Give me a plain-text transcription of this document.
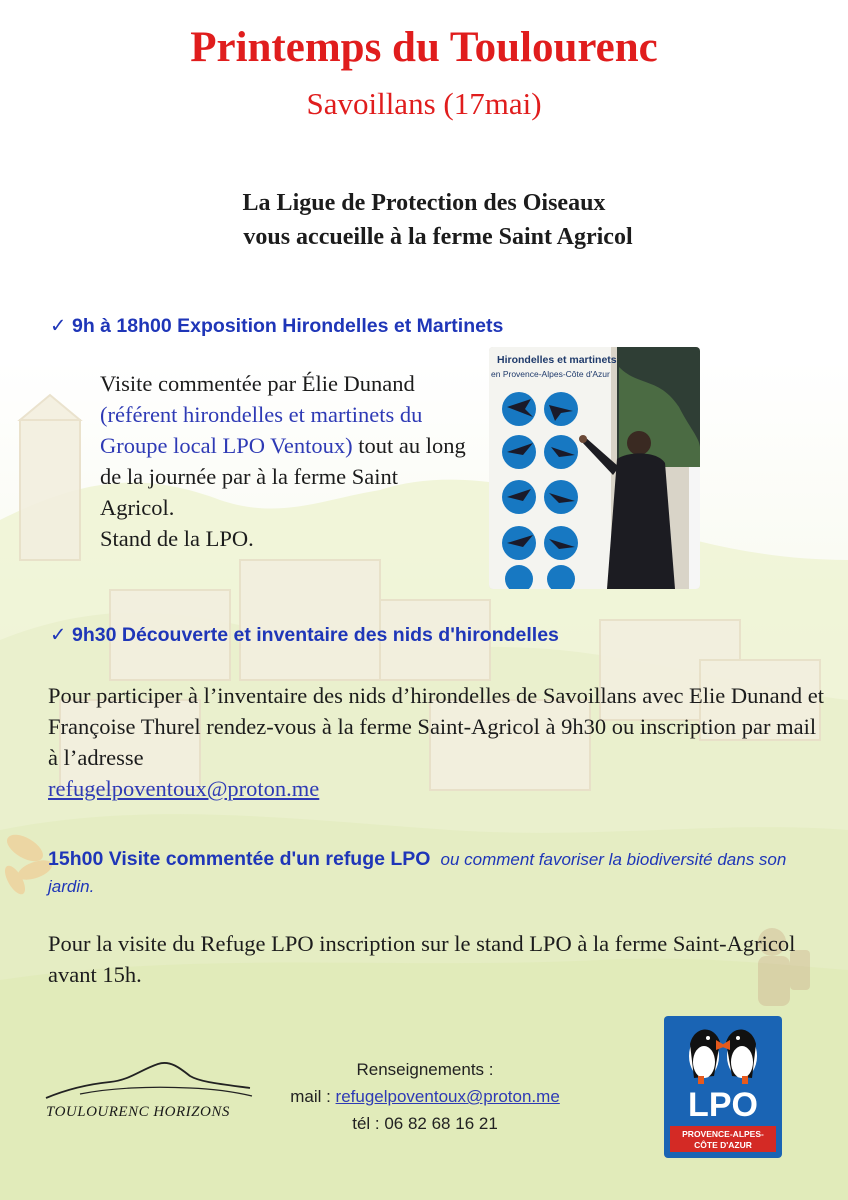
Printemps du Toulourenc
Savoillans (17mai)
La Ligue de Protection des Oiseaux
vous accueille à la ferme Saint Agricol
✓ 9h à 18h00 Exposition Hirondelles et Martinets
Visite commentée par Élie Dunand (référent hirondelles et martinets du Groupe local LPO Ventoux) tout au long de la journée par à la ferme Saint Agricol.
Stand de la LPO.
Hirondelles et martinets
en Provence-Alpes-Côte d'Azur
✓ 9h30 Découverte et inventaire des nids d'hirondelles
Pour participer à l’inventaire des nids d’hirondelles de Savoillans avec Elie Dunand et Françoise Thurel rendez-vous à la ferme Saint-Agricol à 9h30 ou inscription par mail à l’adresse
refugelpoventoux@proton.me
15h00 Visite commentée d'un refuge LPO ou comment favoriser la biodiversité dans son jardin.
Pour la visite du Refuge LPO inscription sur le stand LPO à la ferme Saint-Agricol avant 15h.
TOULOURENC HORIZONS
Renseignements :
mail : refugelpoventoux@proton.me
tél : 06 82 68 16 21	LPO
PROVENCE-ALPES-
CÔTE D'AZUR
